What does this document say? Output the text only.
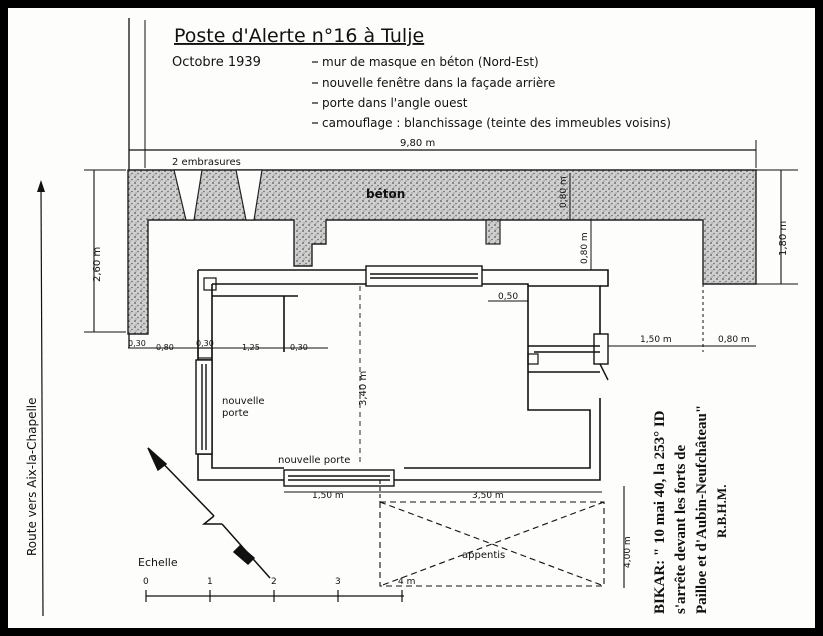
Poste d'Alerte n°16 à Tulje
Octobre 1939	mur de masque en béton (Nord-Est)
nouvelle fenêtre dans la façade arrière
porte dans l'angle ouest
camouflage : blanchissage (teinte des immeubles voisins)
9,80 m
2 embrasures
béton
2,60 m
1,80 m
0,80 m
0,80 m
nouvelle
porte
nouvelle porte
3,40 m
0,50
1,50 m	0,80 m
0,30 0,80	0,30	1,25	0,30
appentis
1,50 m	3,50 m
4,00 m
Route vers Aix-la-Chapelle
Echelle
0	1	2	3	4 m	BIKAR: " 10 mai 40, la 253° ID s'arrête devant les forts de Pailloe et d'Aubin-Neufchâteau" R.B.H.M.
